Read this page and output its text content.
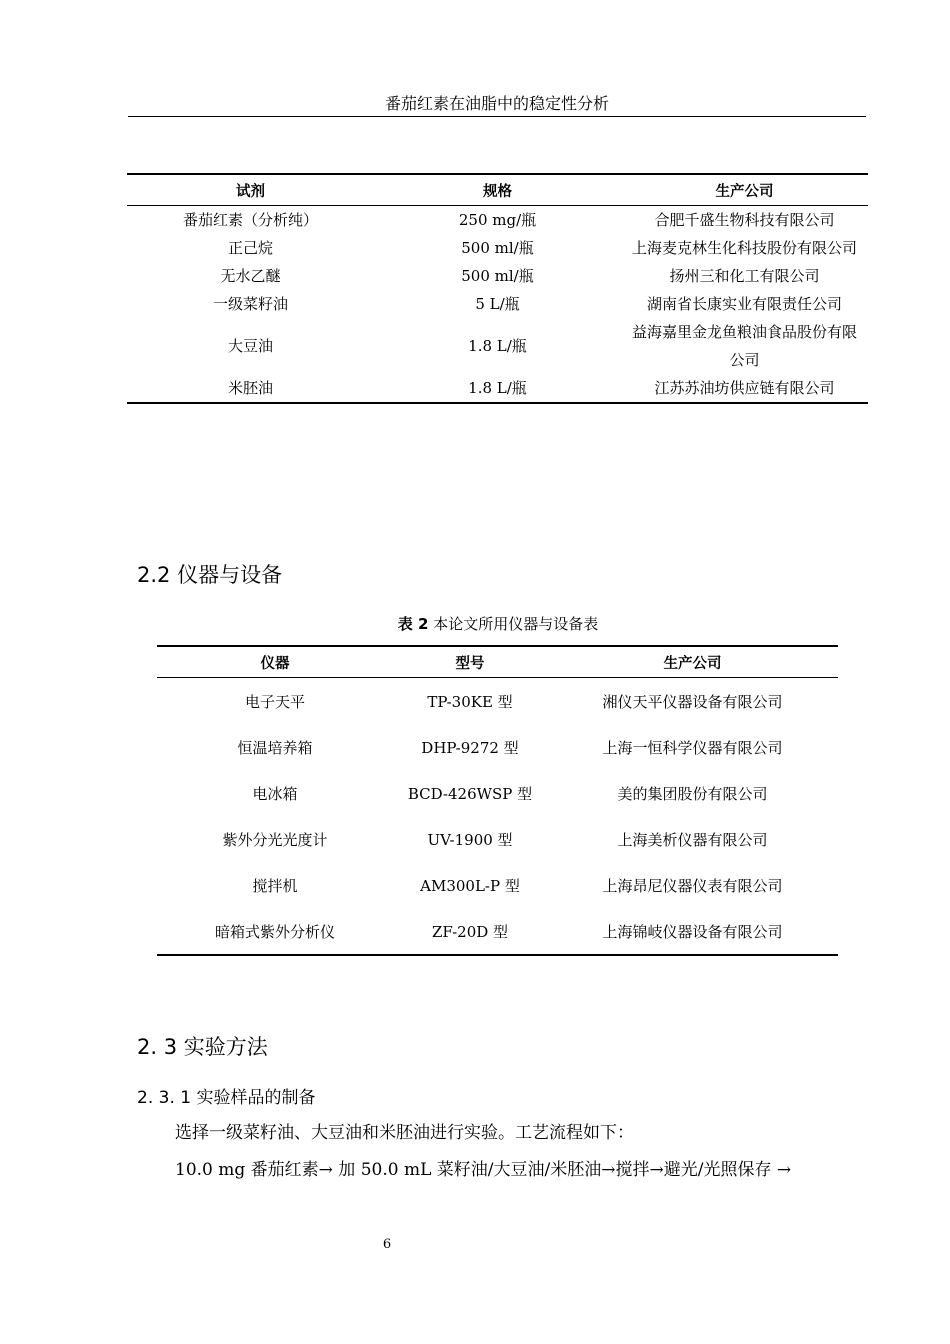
番茄红素在油脂中的稳定性分析
试剂	规格	生产公司
番茄红素（分析纯）	250 mg/瓶	合肥千盛生物科技有限公司
正己烷	500 ml/瓶	上海麦克林生化科技股份有限公司
无水乙醚	500 ml/瓶	扬州三和化工有限公司
一级菜籽油	5 L/瓶	湖南省长康实业有限责任公司
大豆油	1.8 L/瓶	益海嘉里金龙鱼粮油食品股份有限公司
米胚油	1.8 L/瓶	江苏苏油坊供应链有限公司
2.2 仪器与设备
表 2 本论文所用仪器与设备表
仪器	型号	生产公司
电子天平	TP-30KE 型	湘仪天平仪器设备有限公司
恒温培养箱	DHP-9272 型	上海一恒科学仪器有限公司
电冰箱	BCD-426WSP 型	美的集团股份有限公司
紫外分光光度计	UV-1900 型	上海美析仪器有限公司
搅拌机	AM300L-P 型	上海昂尼仪器仪表有限公司
暗箱式紫外分析仪	ZF-20D 型	上海锦岐仪器设备有限公司
2. 3 实验方法
2. 3. 1 实验样品的制备
选择一级菜籽油、大豆油和米胚油进行实验。工艺流程如下：
10.0 mg 番茄红素→ 加 50.0 mL 菜籽油/大豆油/米胚油→搅拌→避光/光照保存 →
6
